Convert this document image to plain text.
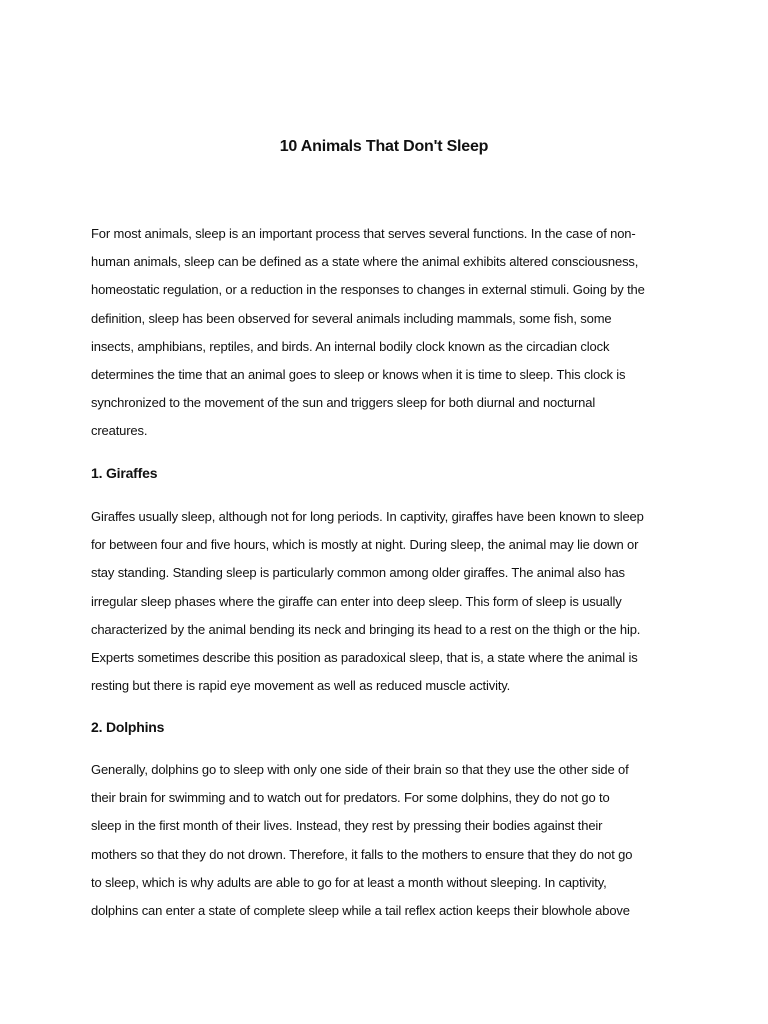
10 Animals That Don't Sleep

For most animals, sleep is an important process that serves several functions. In the case of non-
human animals, sleep can be defined as a state where the animal exhibits altered consciousness,
homeostatic regulation, or a reduction in the responses to changes in external stimuli. Going by the
definition, sleep has been observed for several animals including mammals, some fish, some
insects, amphibians, reptiles, and birds. An internal bodily clock known as the circadian clock
determines the time that an animal goes to sleep or knows when it is time to sleep. This clock is
synchronized to the movement of the sun and triggers sleep for both diurnal and nocturnal
creatures.

1. Giraffes

Giraffes usually sleep, although not for long periods. In captivity, giraffes have been known to sleep
for between four and five hours, which is mostly at night. During sleep, the animal may lie down or
stay standing. Standing sleep is particularly common among older giraffes. The animal also has
irregular sleep phases where the giraffe can enter into deep sleep. This form of sleep is usually
characterized by the animal bending its neck and bringing its head to a rest on the thigh or the hip.
Experts sometimes describe this position as paradoxical sleep, that is, a state where the animal is
resting but there is rapid eye movement as well as reduced muscle activity.

2. Dolphins

Generally, dolphins go to sleep with only one side of their brain so that they use the other side of
their brain for swimming and to watch out for predators. For some dolphins, they do not go to
sleep in the first month of their lives. Instead, they rest by pressing their bodies against their
mothers so that they do not drown. Therefore, it falls to the mothers to ensure that they do not go
to sleep, which is why adults are able to go for at least a month without sleeping. In captivity,
dolphins can enter a state of complete sleep while a tail reflex action keeps their blowhole above
